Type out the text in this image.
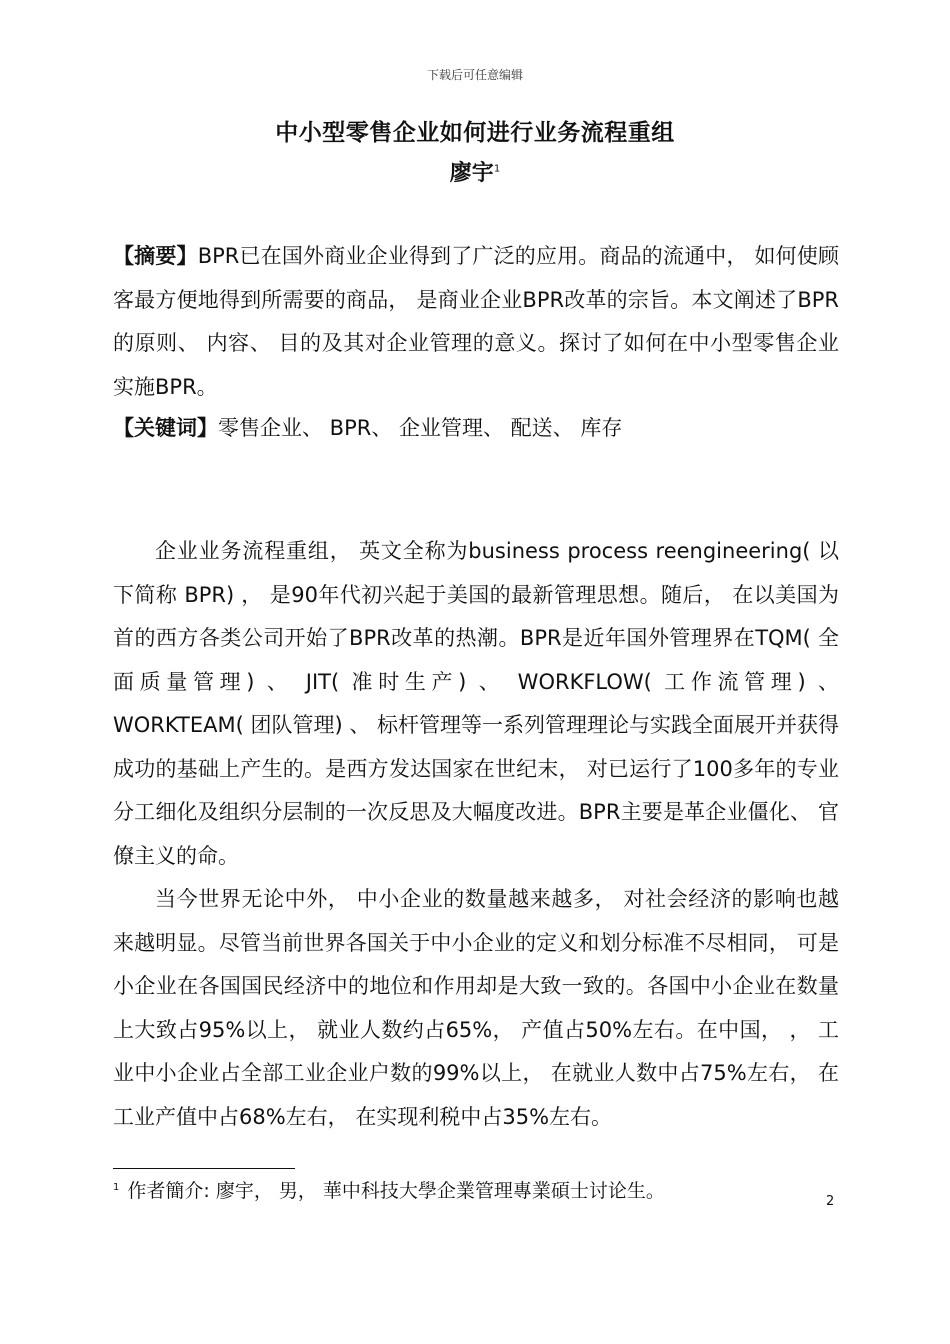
下载后可任意编辑
中小型零售企业如何进行业务流程重组
廖宇$^1$
【摘要】BPR已在国外商业企业得到了广泛的应用。商品的流通中， 如何使顾客最方便地得到所需要的商品， 是商业企业BPR改革的宗旨。本文阐述了BPR的原则、 内容、 目的及其对企业管理的意义。探讨了如何在中小型零售企业实施BPR。
【关键词】零售企业、 BPR、 企业管理、 配送、 库存
企业业务流程重组， 英文全称为business process reengineering( 以下简称 BPR) ， 是90年代初兴起于美国的最新管理思想。随后， 在以美国为首的西方各类公司开始了BPR改革的热潮。BPR是近年国外管理界在TQM( 全面质量管理) 、 JIT( 准时生产) 、 WORKFLOW( 工作流管理) 、 WORKTEAM( 团队管理) 、 标杆管理等一系列管理理论与实践全面展开并获得成功的基础上产生的。是西方发达国家在世纪末， 对已运行了100多年的专业分工细化及组织分层制的一次反思及大幅度改进。BPR主要是革企业僵化、 官僚主义的命。
当今世界无论中外， 中小企业的数量越来越多， 对社会经济的影响也越来越明显。尽管当前世界各国关于中小企业的定义和划分标准不尽相同， 可是小企业在各国国民经济中的地位和作用却是大致一致的。各国中小企业在数量上大致占95%以上， 就业人数约占65%， 产值占50%左右。在中国， ， 工业中小企业占全部工业企业户数的99%以上， 在就业人数中占75%左右， 在工业产值中占68%左右， 在实现利税中占35%左右。
$^1$ 作者簡介: 廖宇， 男， 華中科技大學企業管理專業碩士讨论生。	2
